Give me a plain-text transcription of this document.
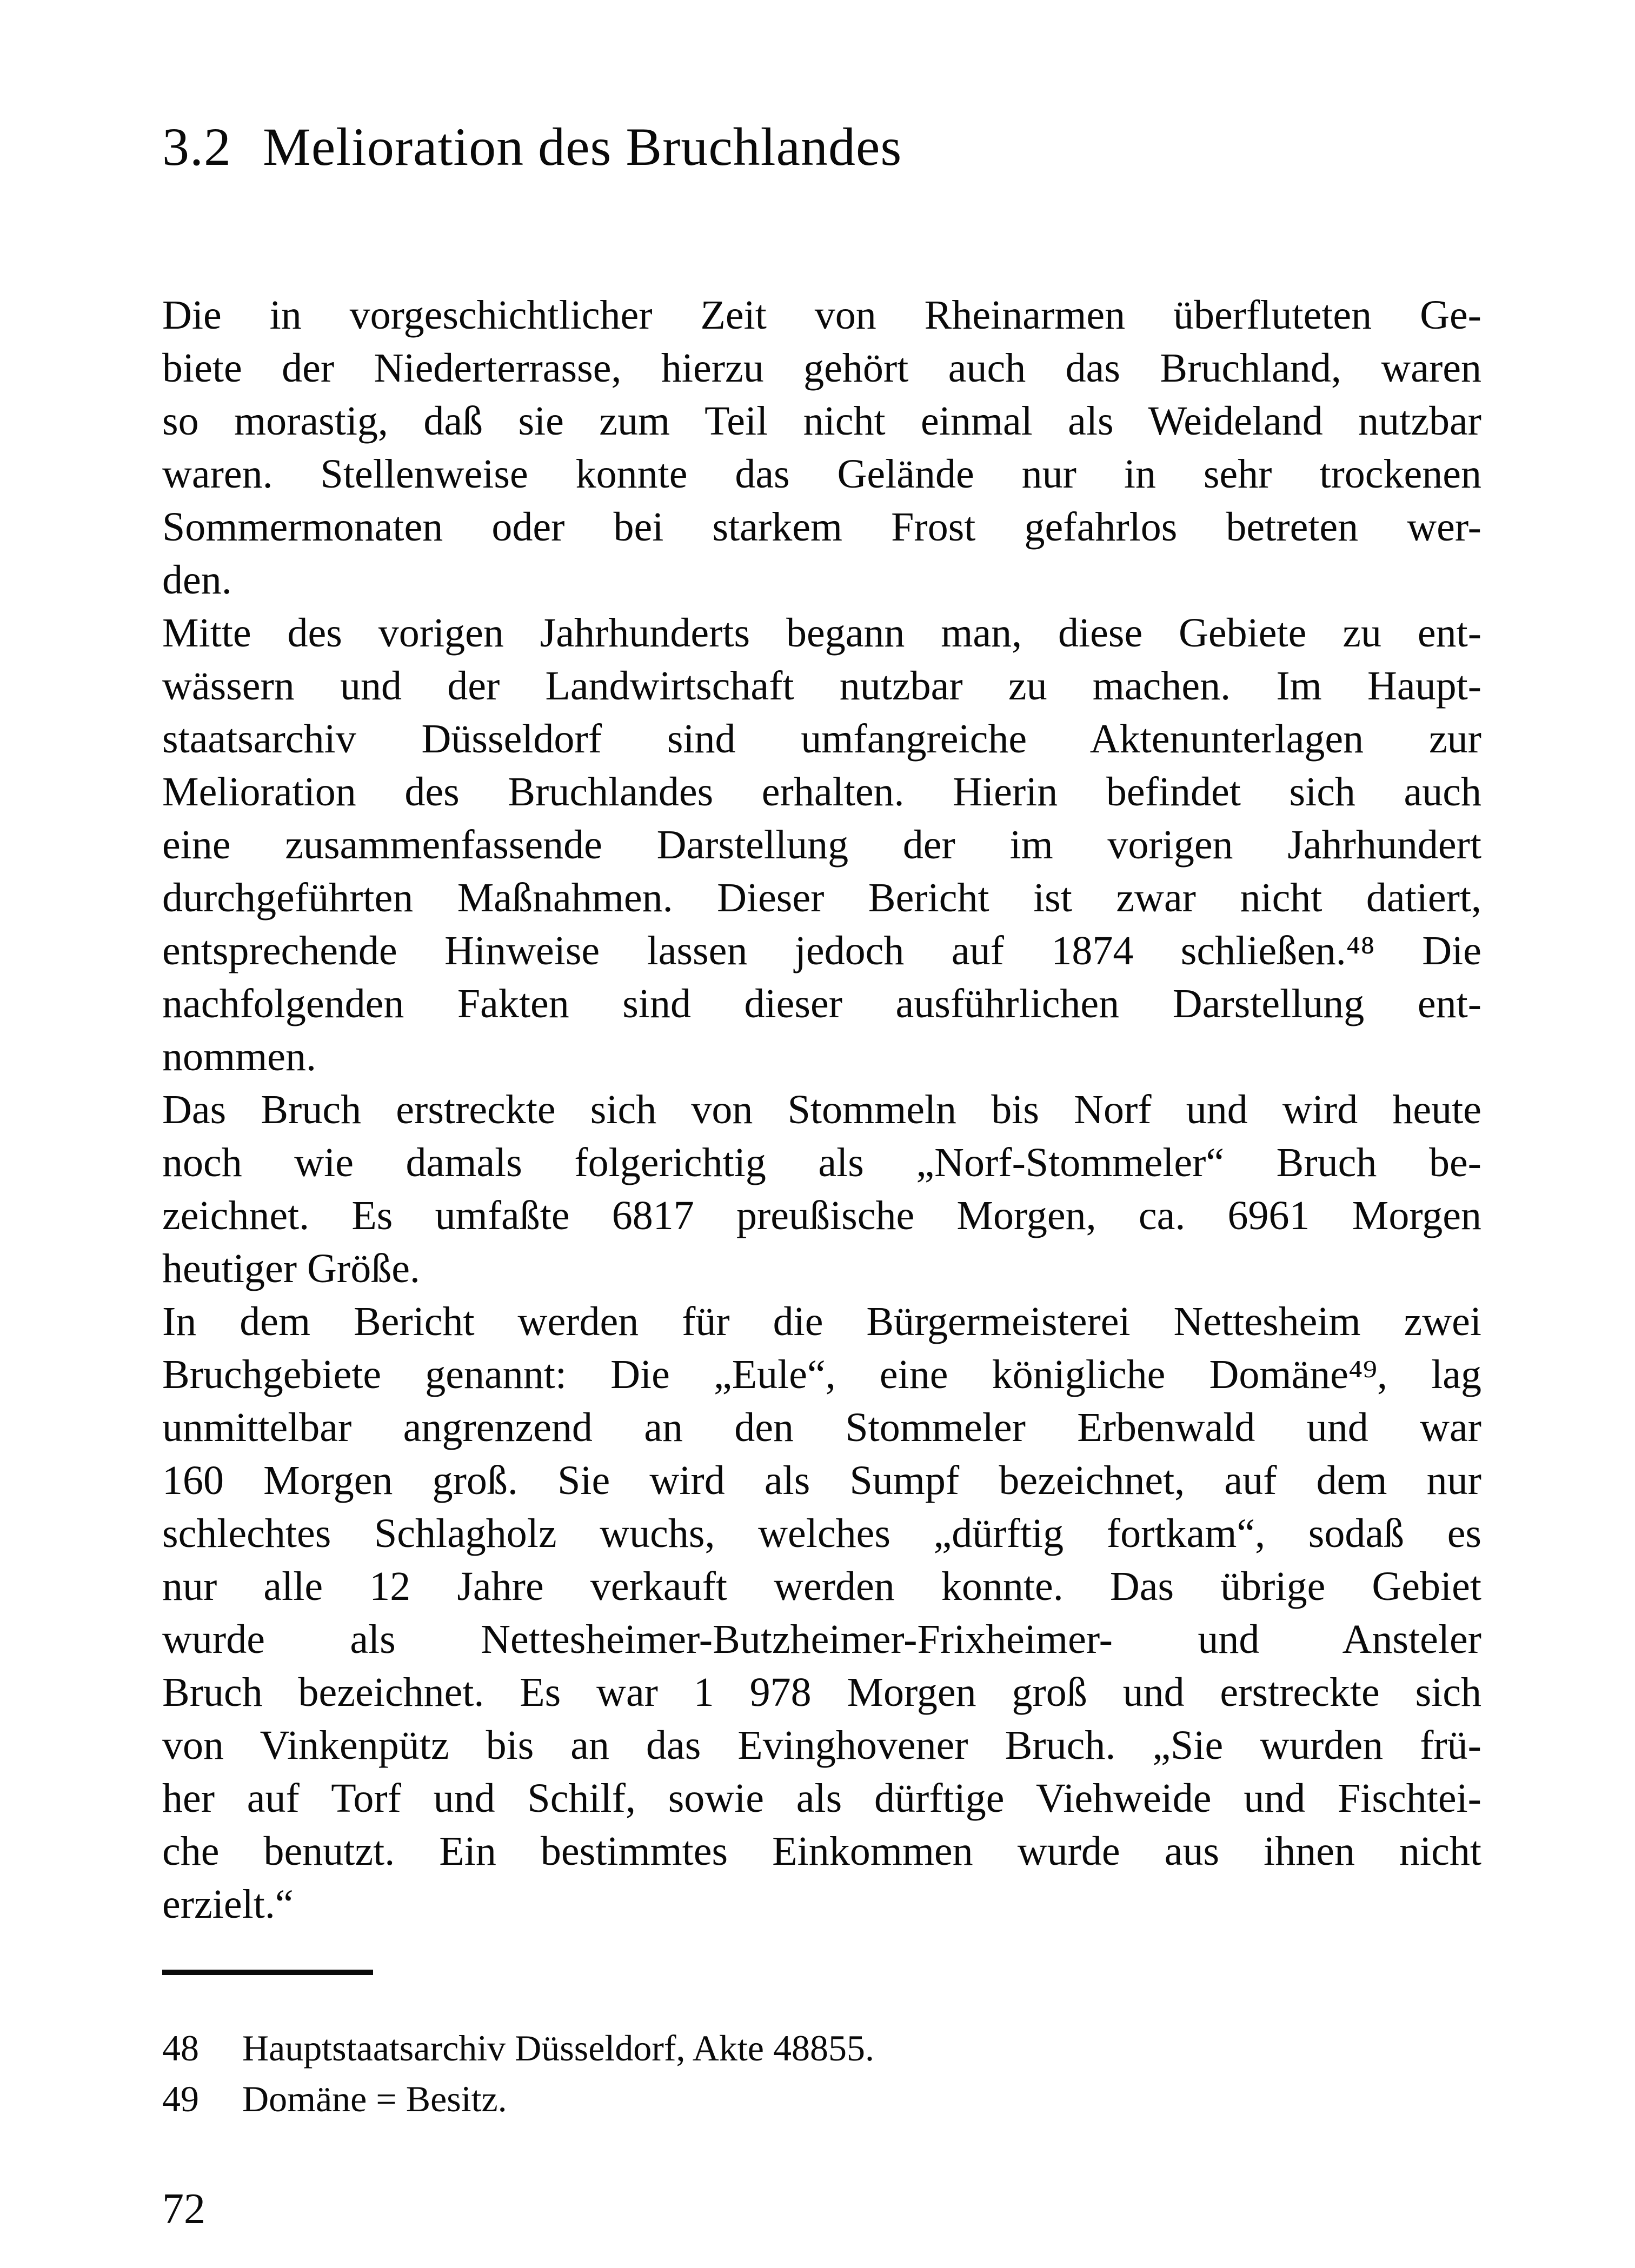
3.2 Melioration des Bruchlandes
Die in vorgeschichtlicher Zeit von Rheinarmen überfluteten Ge-
biete der Niederterrasse, hierzu gehört auch das Bruchland, waren
so morastig, daß sie zum Teil nicht einmal als Weideland nutzbar
waren. Stellenweise konnte das Gelände nur in sehr trockenen
Sommermonaten oder bei starkem Frost gefahrlos betreten wer-
den.
Mitte des vorigen Jahrhunderts begann man, diese Gebiete zu ent-
wässern und der Landwirtschaft nutzbar zu machen. Im Haupt-
staatsarchiv Düsseldorf sind umfangreiche Aktenunterlagen zur
Melioration des Bruchlandes erhalten. Hierin befindet sich auch
eine zusammenfassende Darstellung der im vorigen Jahrhundert
durchgeführten Maßnahmen. Dieser Bericht ist zwar nicht datiert,
entsprechende Hinweise lassen jedoch auf 1874 schließen.⁴⁸ Die
nachfolgenden Fakten sind dieser ausführlichen Darstellung ent-
nommen.
Das Bruch erstreckte sich von Stommeln bis Norf und wird heute
noch wie damals folgerichtig als „Norf-Stommeler“ Bruch be-
zeichnet. Es umfaßte 6817 preußische Morgen, ca. 6961 Morgen
heutiger Größe.
In dem Bericht werden für die Bürgermeisterei Nettesheim zwei
Bruchgebiete genannt: Die „Eule“, eine königliche Domäne⁴⁹, lag
unmittelbar angrenzend an den Stommeler Erbenwald und war
160 Morgen groß. Sie wird als Sumpf bezeichnet, auf dem nur
schlechtes Schlagholz wuchs, welches „dürftig fortkam“, sodaß es
nur alle 12 Jahre verkauft werden konnte. Das übrige Gebiet
wurde als Nettesheimer-Butzheimer-Frixheimer- und Ansteler
Bruch bezeichnet. Es war 1 978 Morgen groß und erstreckte sich
von Vinkenpütz bis an das Evinghovener Bruch. „Sie wurden frü-
her auf Torf und Schilf, sowie als dürftige Viehweide und Fischtei-
che benutzt. Ein bestimmtes Einkommen wurde aus ihnen nicht
erzielt.“
48	Hauptstaatsarchiv Düsseldorf, Akte 48855.
49	Domäne = Besitz.
72
